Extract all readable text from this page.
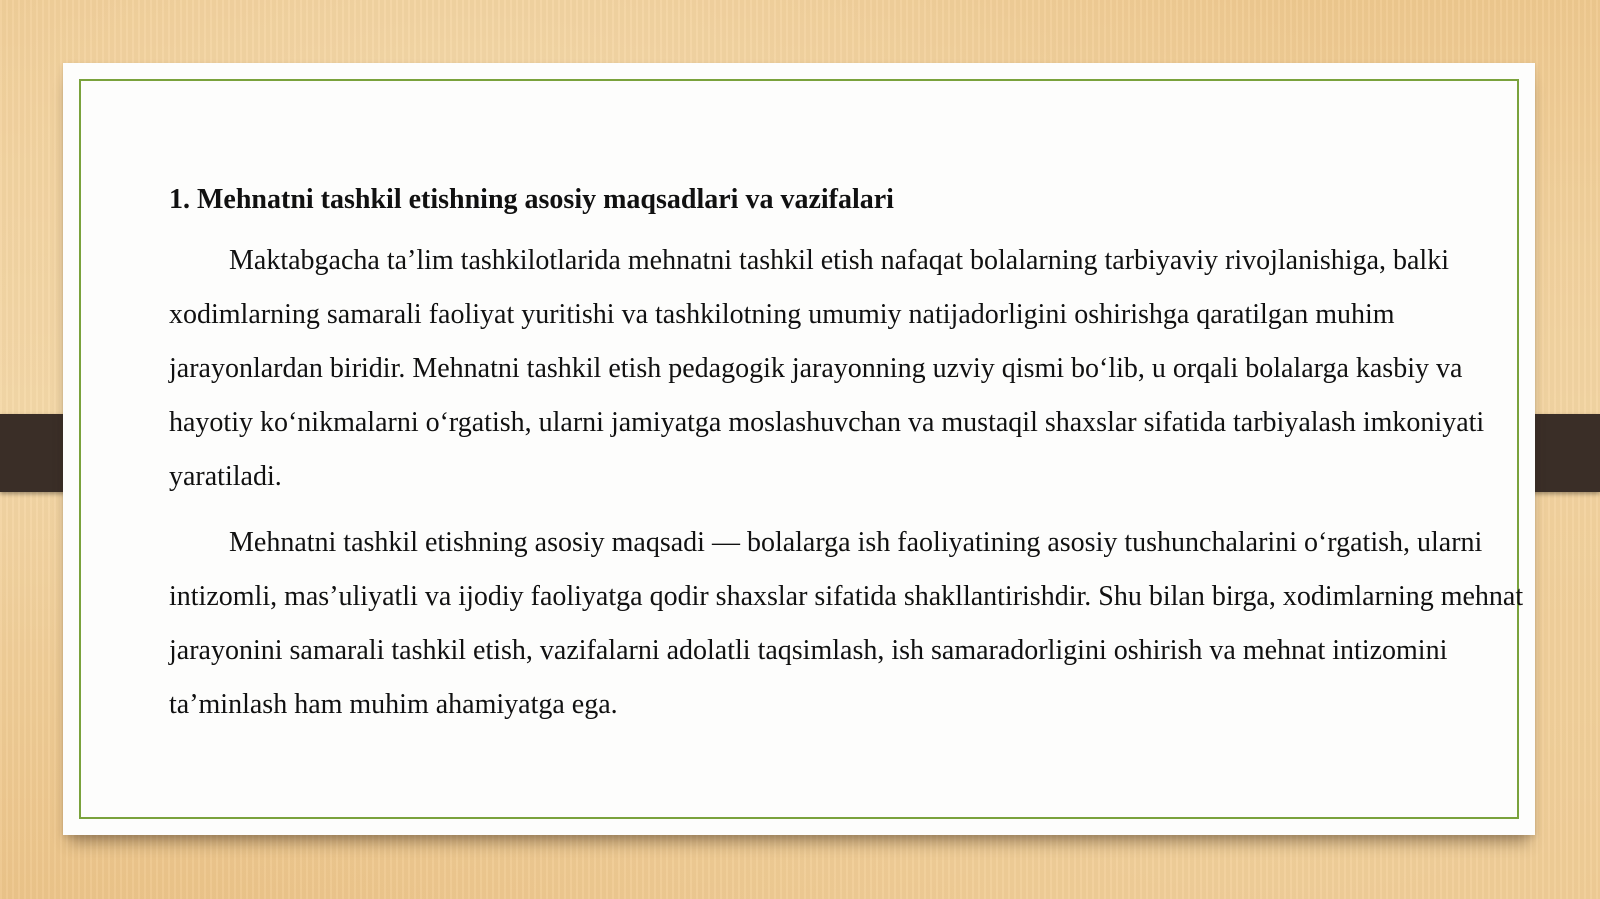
1. Mehnatni tashkil etishning asosiy maqsadlari va vazifalari

Maktabgacha ta’lim tashkilotlarida mehnatni tashkil etish nafaqat bolalarning tarbiyaviy rivojlanishiga, balki xodimlarning samarali faoliyat yuritishi va tashkilotning umumiy natijadorligini oshirishga qaratilgan muhim jarayonlardan biridir. Mehnatni tashkil etish pedagogik jarayonning uzviy qismi bo‘lib, u orqali bolalarga kasbiy va hayotiy ko‘nikmalarni o‘rgatish, ularni jamiyatga moslashuvchan va mustaqil shaxslar sifatida tarbiyalash imkoniyati yaratiladi.

Mehnatni tashkil etishning asosiy maqsadi — bolalarga ish faoliyatining asosiy tushunchalarini o‘rgatish, ularni intizomli, mas’uliyatli va ijodiy faoliyatga qodir shaxslar sifatida shakllantirishdir. Shu bilan birga, xodimlarning mehnat jarayonini samarali tashkil etish, vazifalarni adolatli taqsimlash, ish samaradorligini oshirish va mehnat intizomini ta’minlash ham muhim ahamiyatga ega.
